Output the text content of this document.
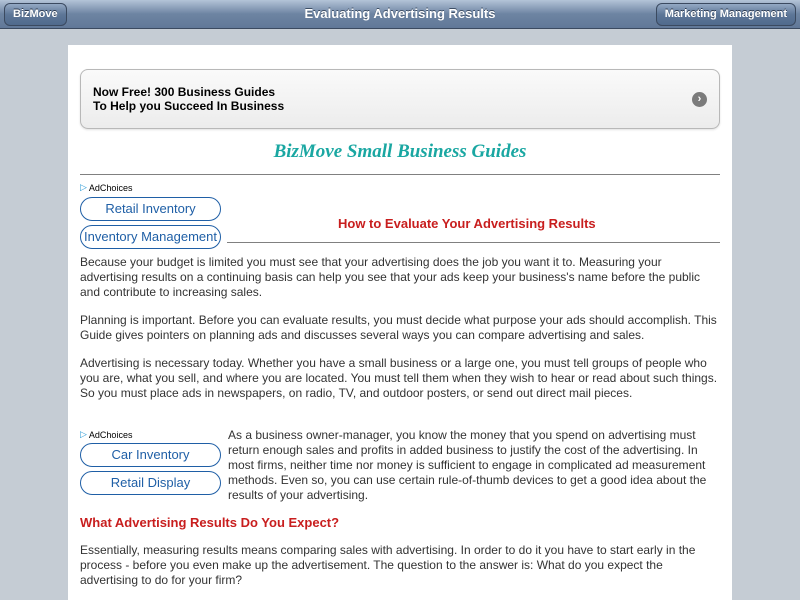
BizMove	Evaluating Advertising Results	Marketing Management
Now Free! 300 Business Guides
To Help you Succeed In Business	›
BizMove Small Business Guides
▷ AdChoices
Retail Inventory
Inventory Management
How to Evaluate Your Advertising Results
Because your budget is limited you must see that your advertising does the job you want it to. Measuring your advertising results on a continuing basis can help you see that your ads keep your business's name before the public and contribute to increasing sales.
Planning is important. Before you can evaluate results, you must decide what purpose your ads should accomplish. This Guide gives pointers on planning ads and discusses several ways you can compare advertising and sales.
Advertising is necessary today. Whether you have a small business or a large one, you must tell groups of people who you are, what you sell, and where you are located. You must tell them when they wish to hear or read about such things. So you must place ads in newspapers, on radio, TV, and outdoor posters, or send out direct mail pieces.
▷ AdChoices
Car Inventory
Retail Display
As a business owner-manager, you know the money that you spend on advertising must return enough sales and profits in added business to justify the cost of the advertising. In most firms, neither time nor money is sufficient to engage in complicated ad measurement methods. Even so, you can use certain rule-of-thumb devices to get a good idea about the results of your advertising.
What Advertising Results Do You Expect?
Essentially, measuring results means comparing sales with advertising. In order to do it you have to start early in the process - before you even make up the advertisement. The question to the answer is: What do you expect the advertising to do for your firm?
